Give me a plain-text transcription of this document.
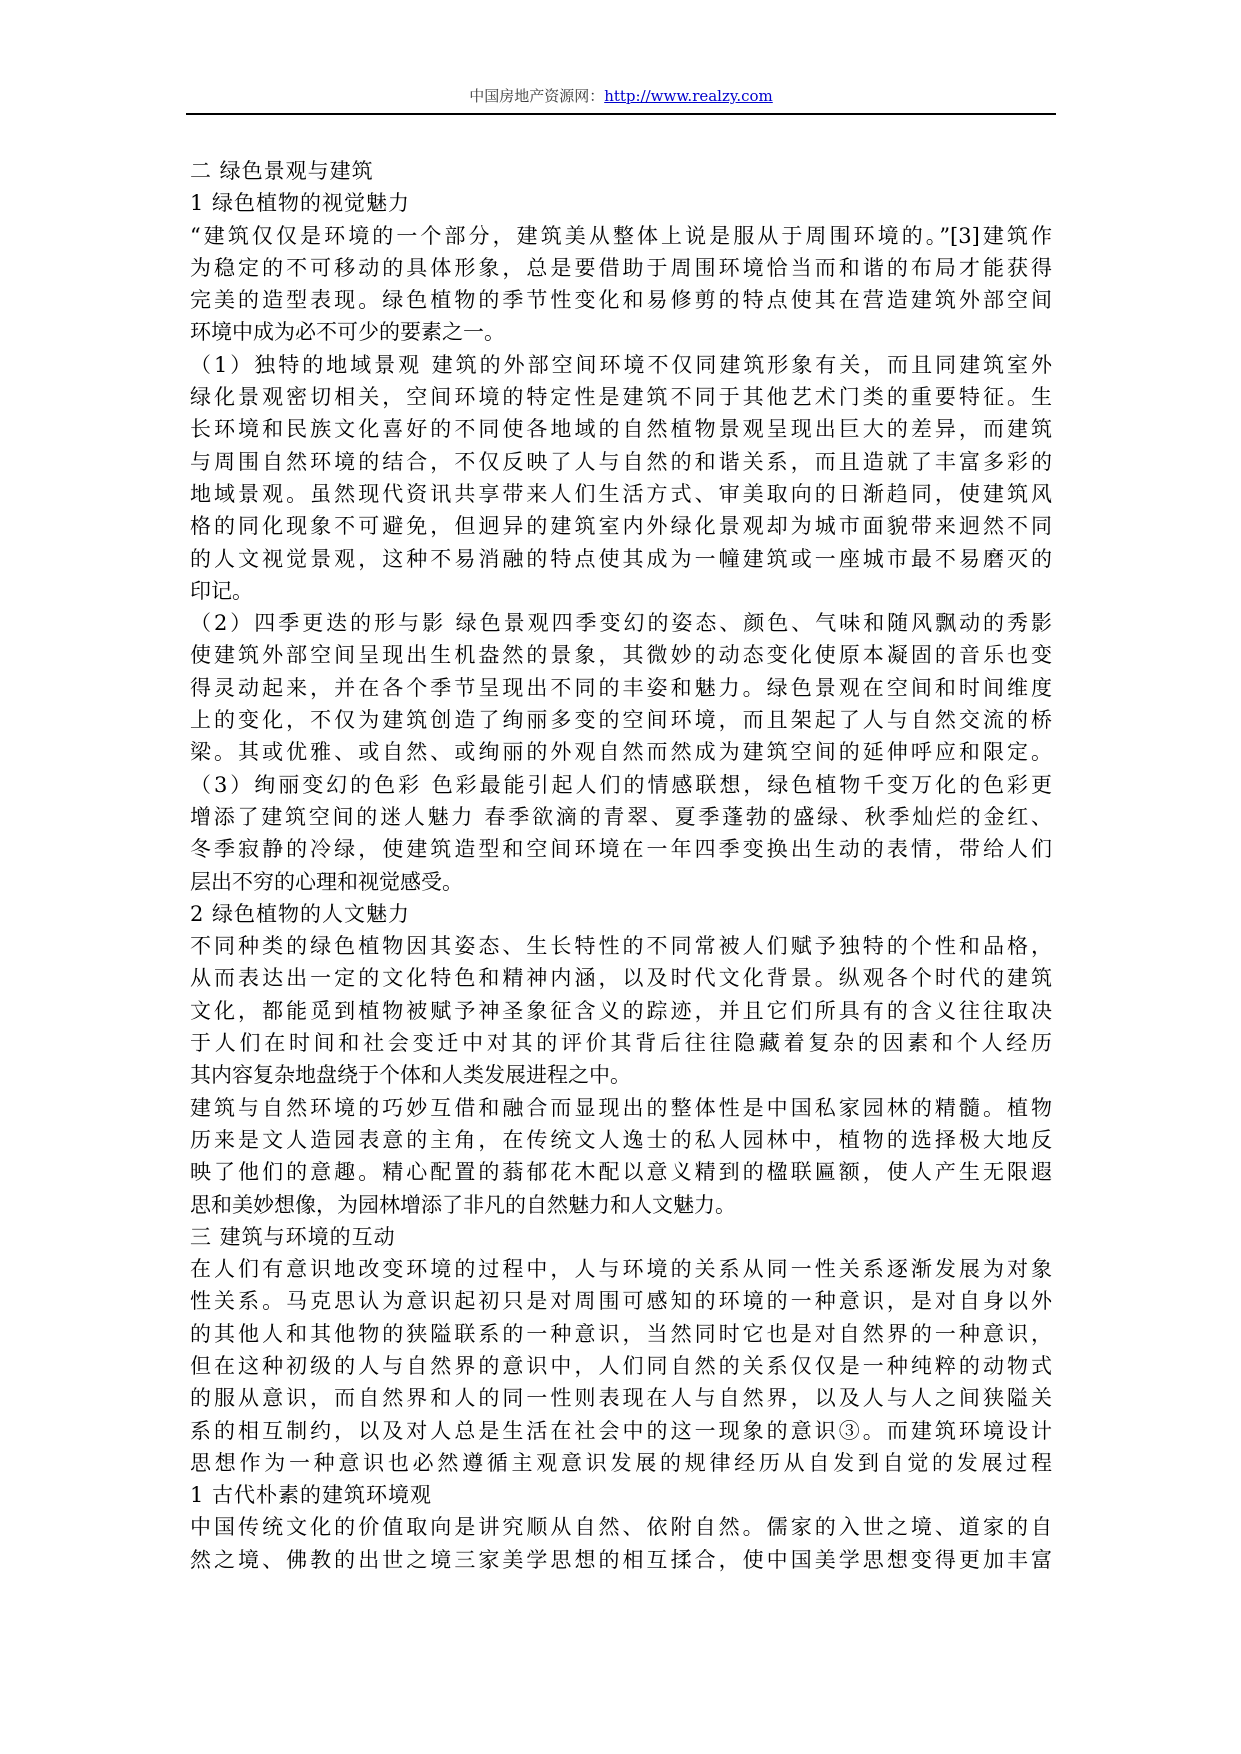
中国房地产资源网：http://www.realzy.com
二 绿色景观与建筑
1 绿色植物的视觉魅力
“建筑仅仅是环境的一个部分，建筑美从整体上说是服从于周围环境的。”[3]建筑作
为稳定的不可移动的具体形象，总是要借助于周围环境恰当而和谐的布局才能获得
完美的造型表现。绿色植物的季节性变化和易修剪的特点使其在营造建筑外部空间
环境中成为必不可少的要素之一。
（1）独特的地域景观 建筑的外部空间环境不仅同建筑形象有关，而且同建筑室外
绿化景观密切相关，空间环境的特定性是建筑不同于其他艺术门类的重要特征。生
长环境和民族文化喜好的不同使各地域的自然植物景观呈现出巨大的差异，而建筑
与周围自然环境的结合，不仅反映了人与自然的和谐关系，而且造就了丰富多彩的
地域景观。虽然现代资讯共享带来人们生活方式、审美取向的日渐趋同，使建筑风
格的同化现象不可避免，但迥异的建筑室内外绿化景观却为城市面貌带来迥然不同
的人文视觉景观，这种不易消融的特点使其成为一幢建筑或一座城市最不易磨灭的
印记。
（2）四季更迭的形与影 绿色景观四季变幻的姿态、颜色、气味和随风飘动的秀影
使建筑外部空间呈现出生机盎然的景象，其微妙的动态变化使原本凝固的音乐也变
得灵动起来，并在各个季节呈现出不同的丰姿和魅力。绿色景观在空间和时间维度
上的变化，不仅为建筑创造了绚丽多变的空间环境，而且架起了人与自然交流的桥
梁。其或优雅、或自然、或绚丽的外观自然而然成为建筑空间的延伸呼应和限定。
（3）绚丽变幻的色彩 色彩最能引起人们的情感联想，绿色植物千变万化的色彩更
增添了建筑空间的迷人魅力 春季欲滴的青翠、夏季蓬勃的盛绿、秋季灿烂的金红、
冬季寂静的冷绿，使建筑造型和空间环境在一年四季变换出生动的表情，带给人们
层出不穷的心理和视觉感受。
2 绿色植物的人文魅力
不同种类的绿色植物因其姿态、生长特性的不同常被人们赋予独特的个性和品格，
从而表达出一定的文化特色和精神内涵，以及时代文化背景。纵观各个时代的建筑
文化，都能觅到植物被赋予神圣象征含义的踪迹，并且它们所具有的含义往往取决
于人们在时间和社会变迁中对其的评价其背后往往隐藏着复杂的因素和个人经历
其内容复杂地盘绕于个体和人类发展进程之中。
建筑与自然环境的巧妙互借和融合而显现出的整体性是中国私家园林的精髓。植物
历来是文人造园表意的主角，在传统文人逸士的私人园林中，植物的选择极大地反
映了他们的意趣。精心配置的蓊郁花木配以意义精到的楹联匾额，使人产生无限遐
思和美妙想像，为园林增添了非凡的自然魅力和人文魅力。
三 建筑与环境的互动
在人们有意识地改变环境的过程中，人与环境的关系从同一性关系逐渐发展为对象
性关系。马克思认为意识起初只是对周围可感知的环境的一种意识，是对自身以外
的其他人和其他物的狭隘联系的一种意识，当然同时它也是对自然界的一种意识，
但在这种初级的人与自然界的意识中，人们同自然的关系仅仅是一种纯粹的动物式
的服从意识，而自然界和人的同一性则表现在人与自然界，以及人与人之间狭隘关
系的相互制约，以及对人总是生活在社会中的这一现象的意识③。而建筑环境设计
思想作为一种意识也必然遵循主观意识发展的规律经历从自发到自觉的发展过程
1 古代朴素的建筑环境观
中国传统文化的价值取向是讲究顺从自然、依附自然。儒家的入世之境、道家的自
然之境、佛教的出世之境三家美学思想的相互揉合，使中国美学思想变得更加丰富
